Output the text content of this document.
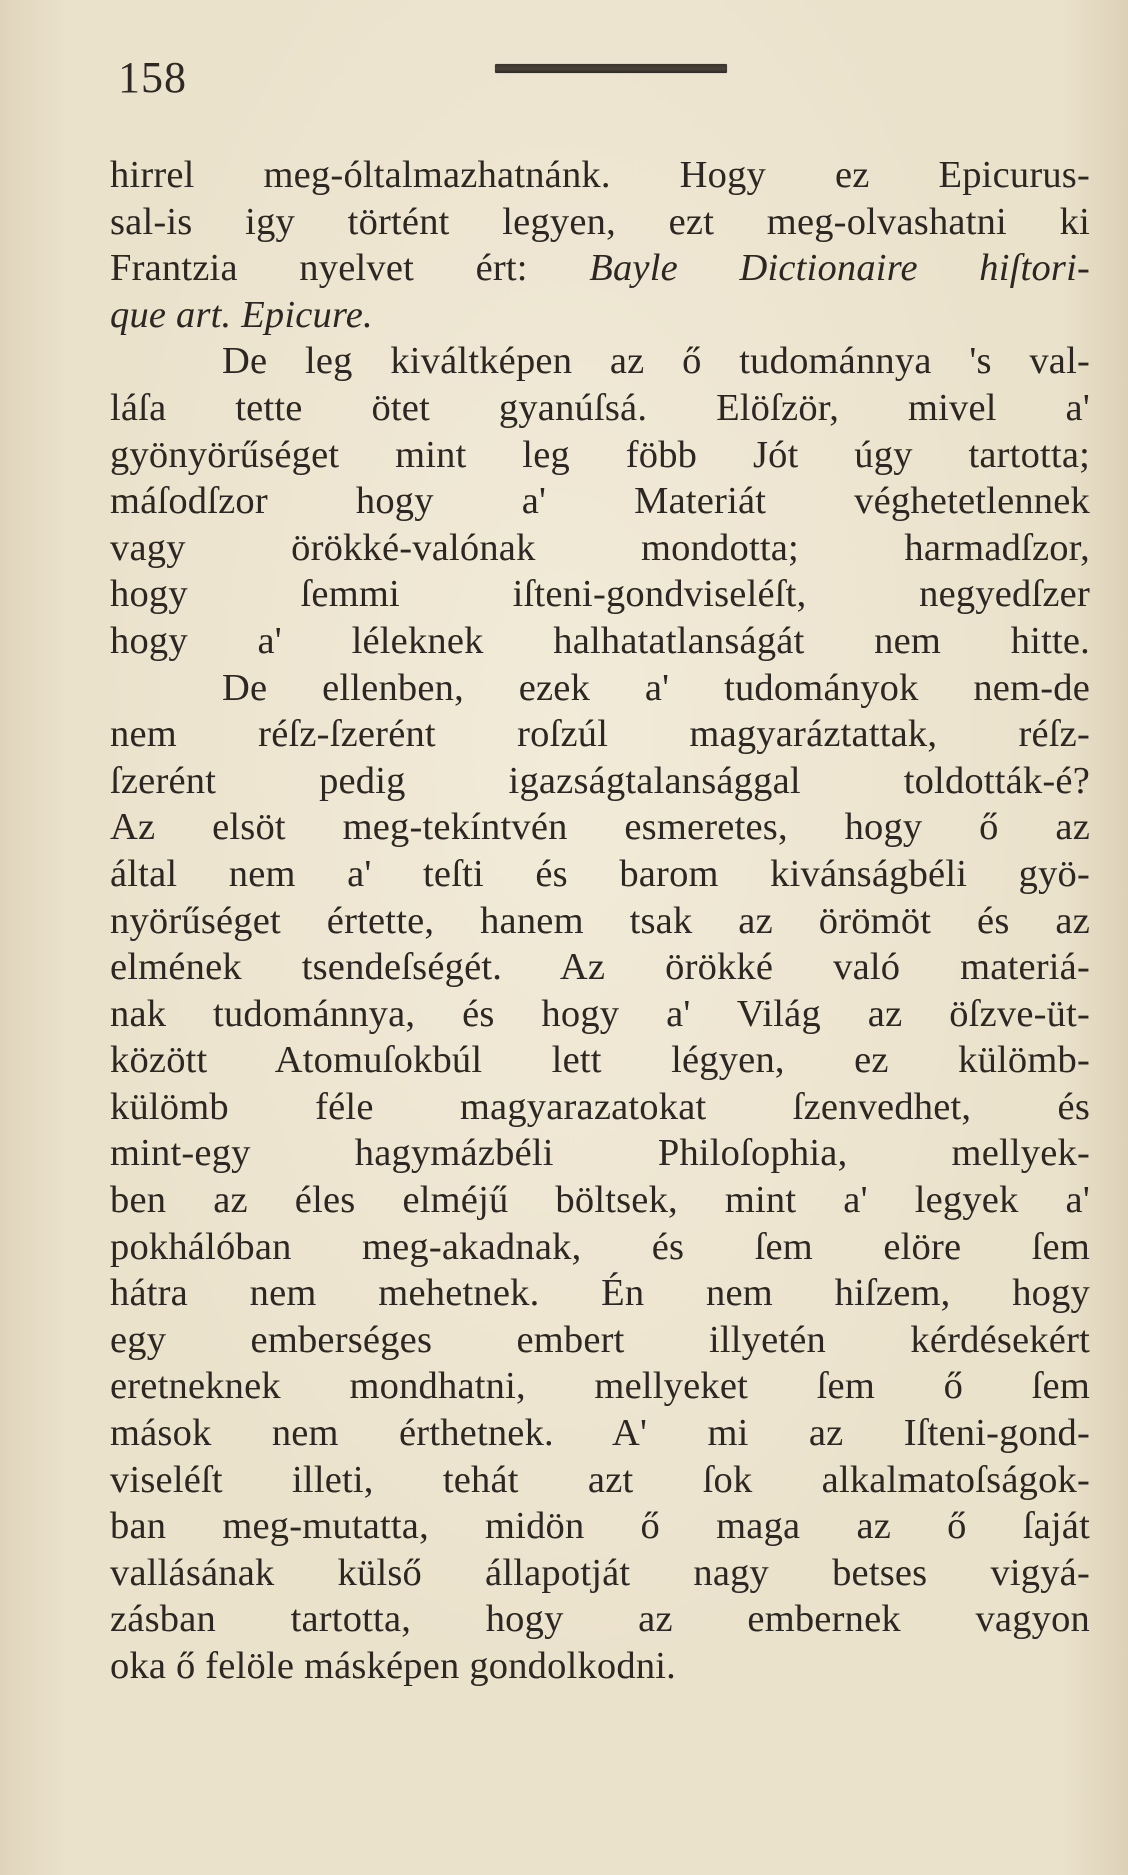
158
hirrel meg-óltalmazhatnánk. Hogy ez Epicurus-
sal-is igy történt legyen, ezt meg-olvashatni ki
Frantzia nyelvet ért: Bayle Dictionaire hiſtori-
que art. Epicure.
De leg kiváltképen az ő tudománnya 's val-
láſa tette ötet gyanúſsá. Elöſzör, mivel a'
gyönyörűséget mint leg föbb Jót úgy tartotta;
máſodſzor hogy a' Materiát véghetetlennek
vagy örökké-valónak mondotta; harmadſzor,
hogy ſemmi iſteni-gondviseléſt, negyedſzer
hogy a' léleknek halhatatlanságát nem hitte.
De ellenben, ezek a' tudományok nem-de
nem réſz-ſzerént roſzúl magyaráztattak, réſz-
ſzerént pedig igazságtalansággal toldották-é?
Az elsöt meg-tekíntvén esmeretes, hogy ő az
által nem a' teſti és barom kivánságbéli gyö-
nyörűséget értette, hanem tsak az örömöt és az
elmének tsendeſségét. Az örökké való materiá-
nak tudománnya, és hogy a' Világ az öſzve-üt-
között Atomuſokbúl lett légyen, ez külömb-
külömb féle magyarazatokat ſzenvedhet, és
mint-egy hagymázbéli Philoſophia, mellyek-
ben az éles elméjű böltsek, mint a' legyek a'
pokhálóban meg-akadnak, és ſem elöre ſem
hátra nem mehetnek. Én nem hiſzem, hogy
egy emberséges embert illyetén kérdésekért
eretneknek mondhatni, mellyeket ſem ő ſem
mások nem érthetnek. A' mi az Iſteni-gond-
viseléſt illeti, tehát azt ſok alkalmatoſságok-
ban meg-mutatta, midön ő maga az ő ſaját
vallásának külső állapotját nagy betses vigyá-
zásban tartotta, hogy az embernek vagyon
oka ő felöle másképen gondolkodni.
